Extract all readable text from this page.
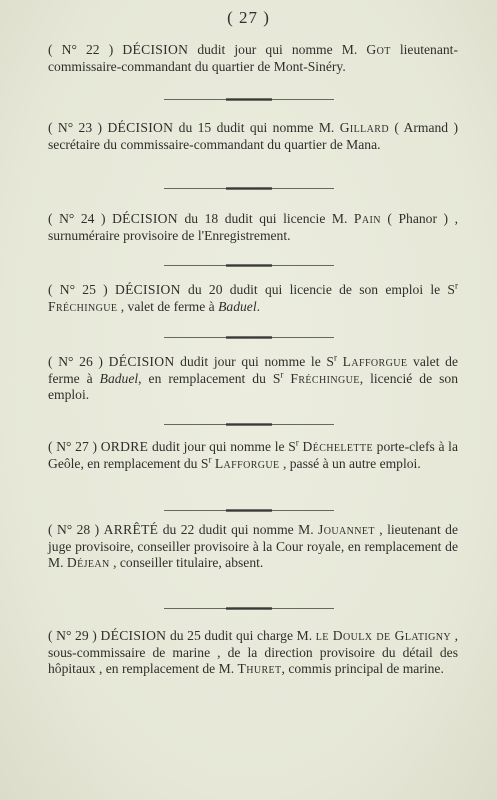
( 27 )

( N° 22 ) DÉCISION dudit jour qui nomme M. Got lieutenant-commissaire-commandant du quartier de Mont-Sinéry.

( N° 23 ) DÉCISION du 15 dudit qui nomme M. Gillard ( Armand ) secrétaire du commissaire-commandant du quartier de Mana.

( N° 24 ) DÉCISION du 18 dudit qui licencie M. Pain ( Phanor ) , surnuméraire provisoire de l'Enregistrement.

( N° 25 ) DÉCISION du 20 dudit qui licencie de son emploi le $S^r$ Fréchingue , valet de ferme à Baduel.

( N° 26 ) DÉCISION dudit jour qui nomme le $S^r$ Lafforgue valet de ferme à Baduel, en remplacement du $S^r$ Fréchingue, licencié de son emploi.

( N° 27 ) ORDRE dudit jour qui nomme le $S^r$ Déchelette porte-clefs à la Geôle, en remplacement du $S^r$ Lafforgue , passé à un autre emploi.

( N° 28 ) ARRÊTÉ du 22 dudit qui nomme M. Jouannet , lieutenant de juge provisoire, conseiller provisoire à la Cour royale, en remplacement de M. Déjean , conseiller titulaire, absent.

( N° 29 ) DÉCISION du 25 dudit qui charge M. le Doulx de Glatigny , sous-commissaire de marine , de la direction provisoire du détail des hôpitaux , en remplacement de M. Thuret, commis principal de marine.
